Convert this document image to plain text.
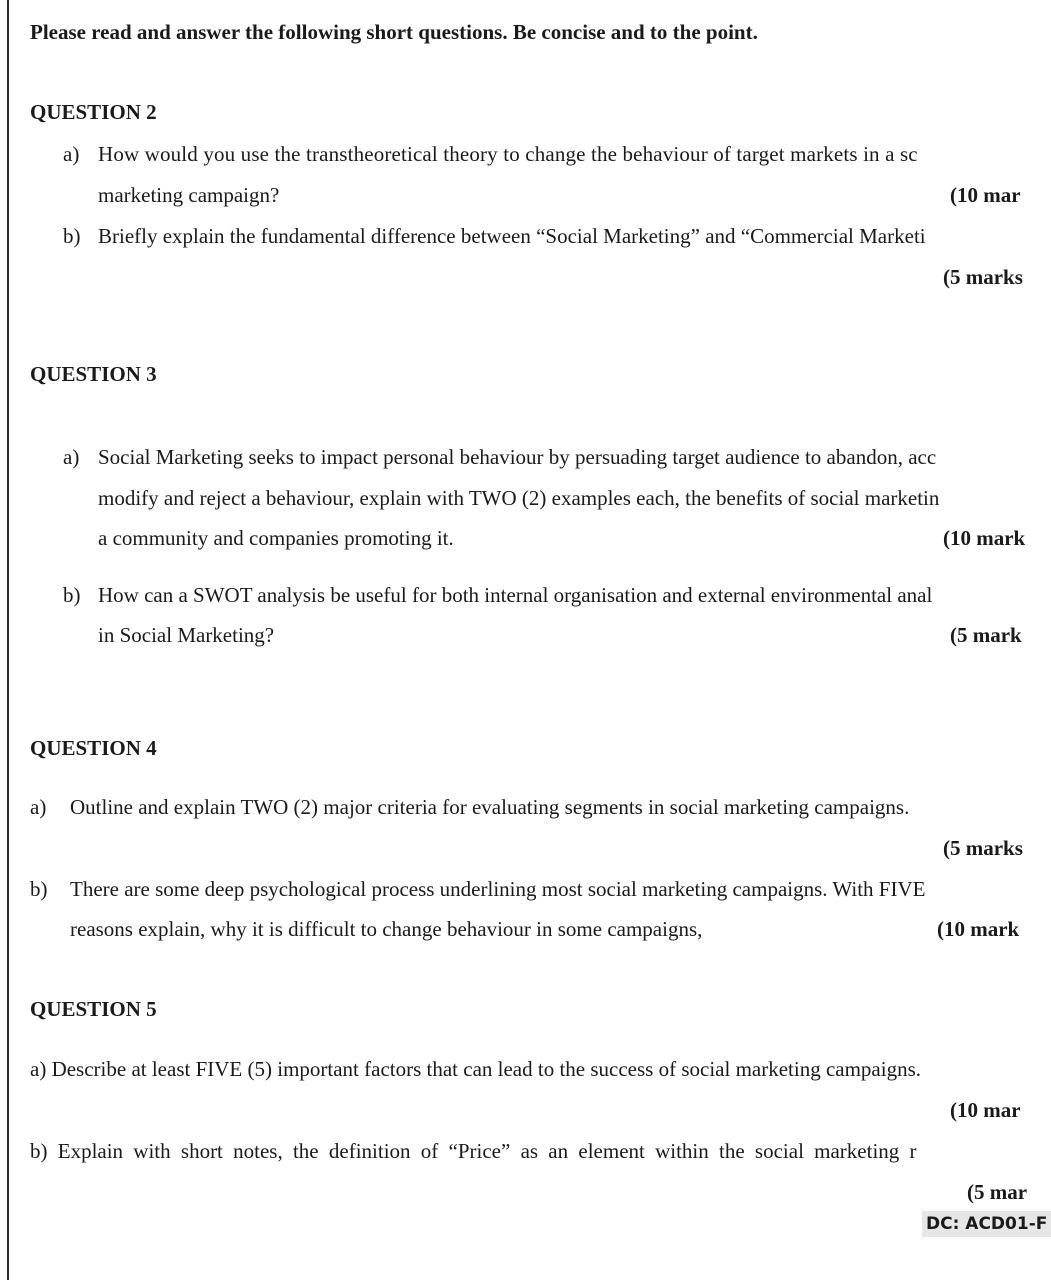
Please read and answer the following short questions. Be concise and to the point.
QUESTION 2
a) How would you use the transtheoretical theory to change the behaviour of target markets in a sc
marketing campaign?	(10 mar
b) Briefly explain the fundamental difference between “Social Marketing” and “Commercial Marketi
(5 marks
QUESTION 3
a) Social Marketing seeks to impact personal behaviour by persuading target audience to abandon, acc
modify and reject a behaviour, explain with TWO (2) examples each, the benefits of social marketin
a community and companies promoting it.	(10 mark
b) How can a SWOT analysis be useful for both internal organisation and external environmental anal
in Social Marketing?	(5 mark
QUESTION 4
a) Outline and explain TWO (2) major criteria for evaluating segments in social marketing campaigns.
(5 marks
b) There are some deep psychological process underlining most social marketing campaigns. With FIVE
reasons explain, why it is difficult to change behaviour in some campaigns,	(10 mark
QUESTION 5
a) Describe at least FIVE (5) important factors that can lead to the success of social marketing campaigns.
(10 mar
b) Explain with short notes, the definition of “Price” as an element within the social marketing r
(5 mar
DC: ACD01-F
